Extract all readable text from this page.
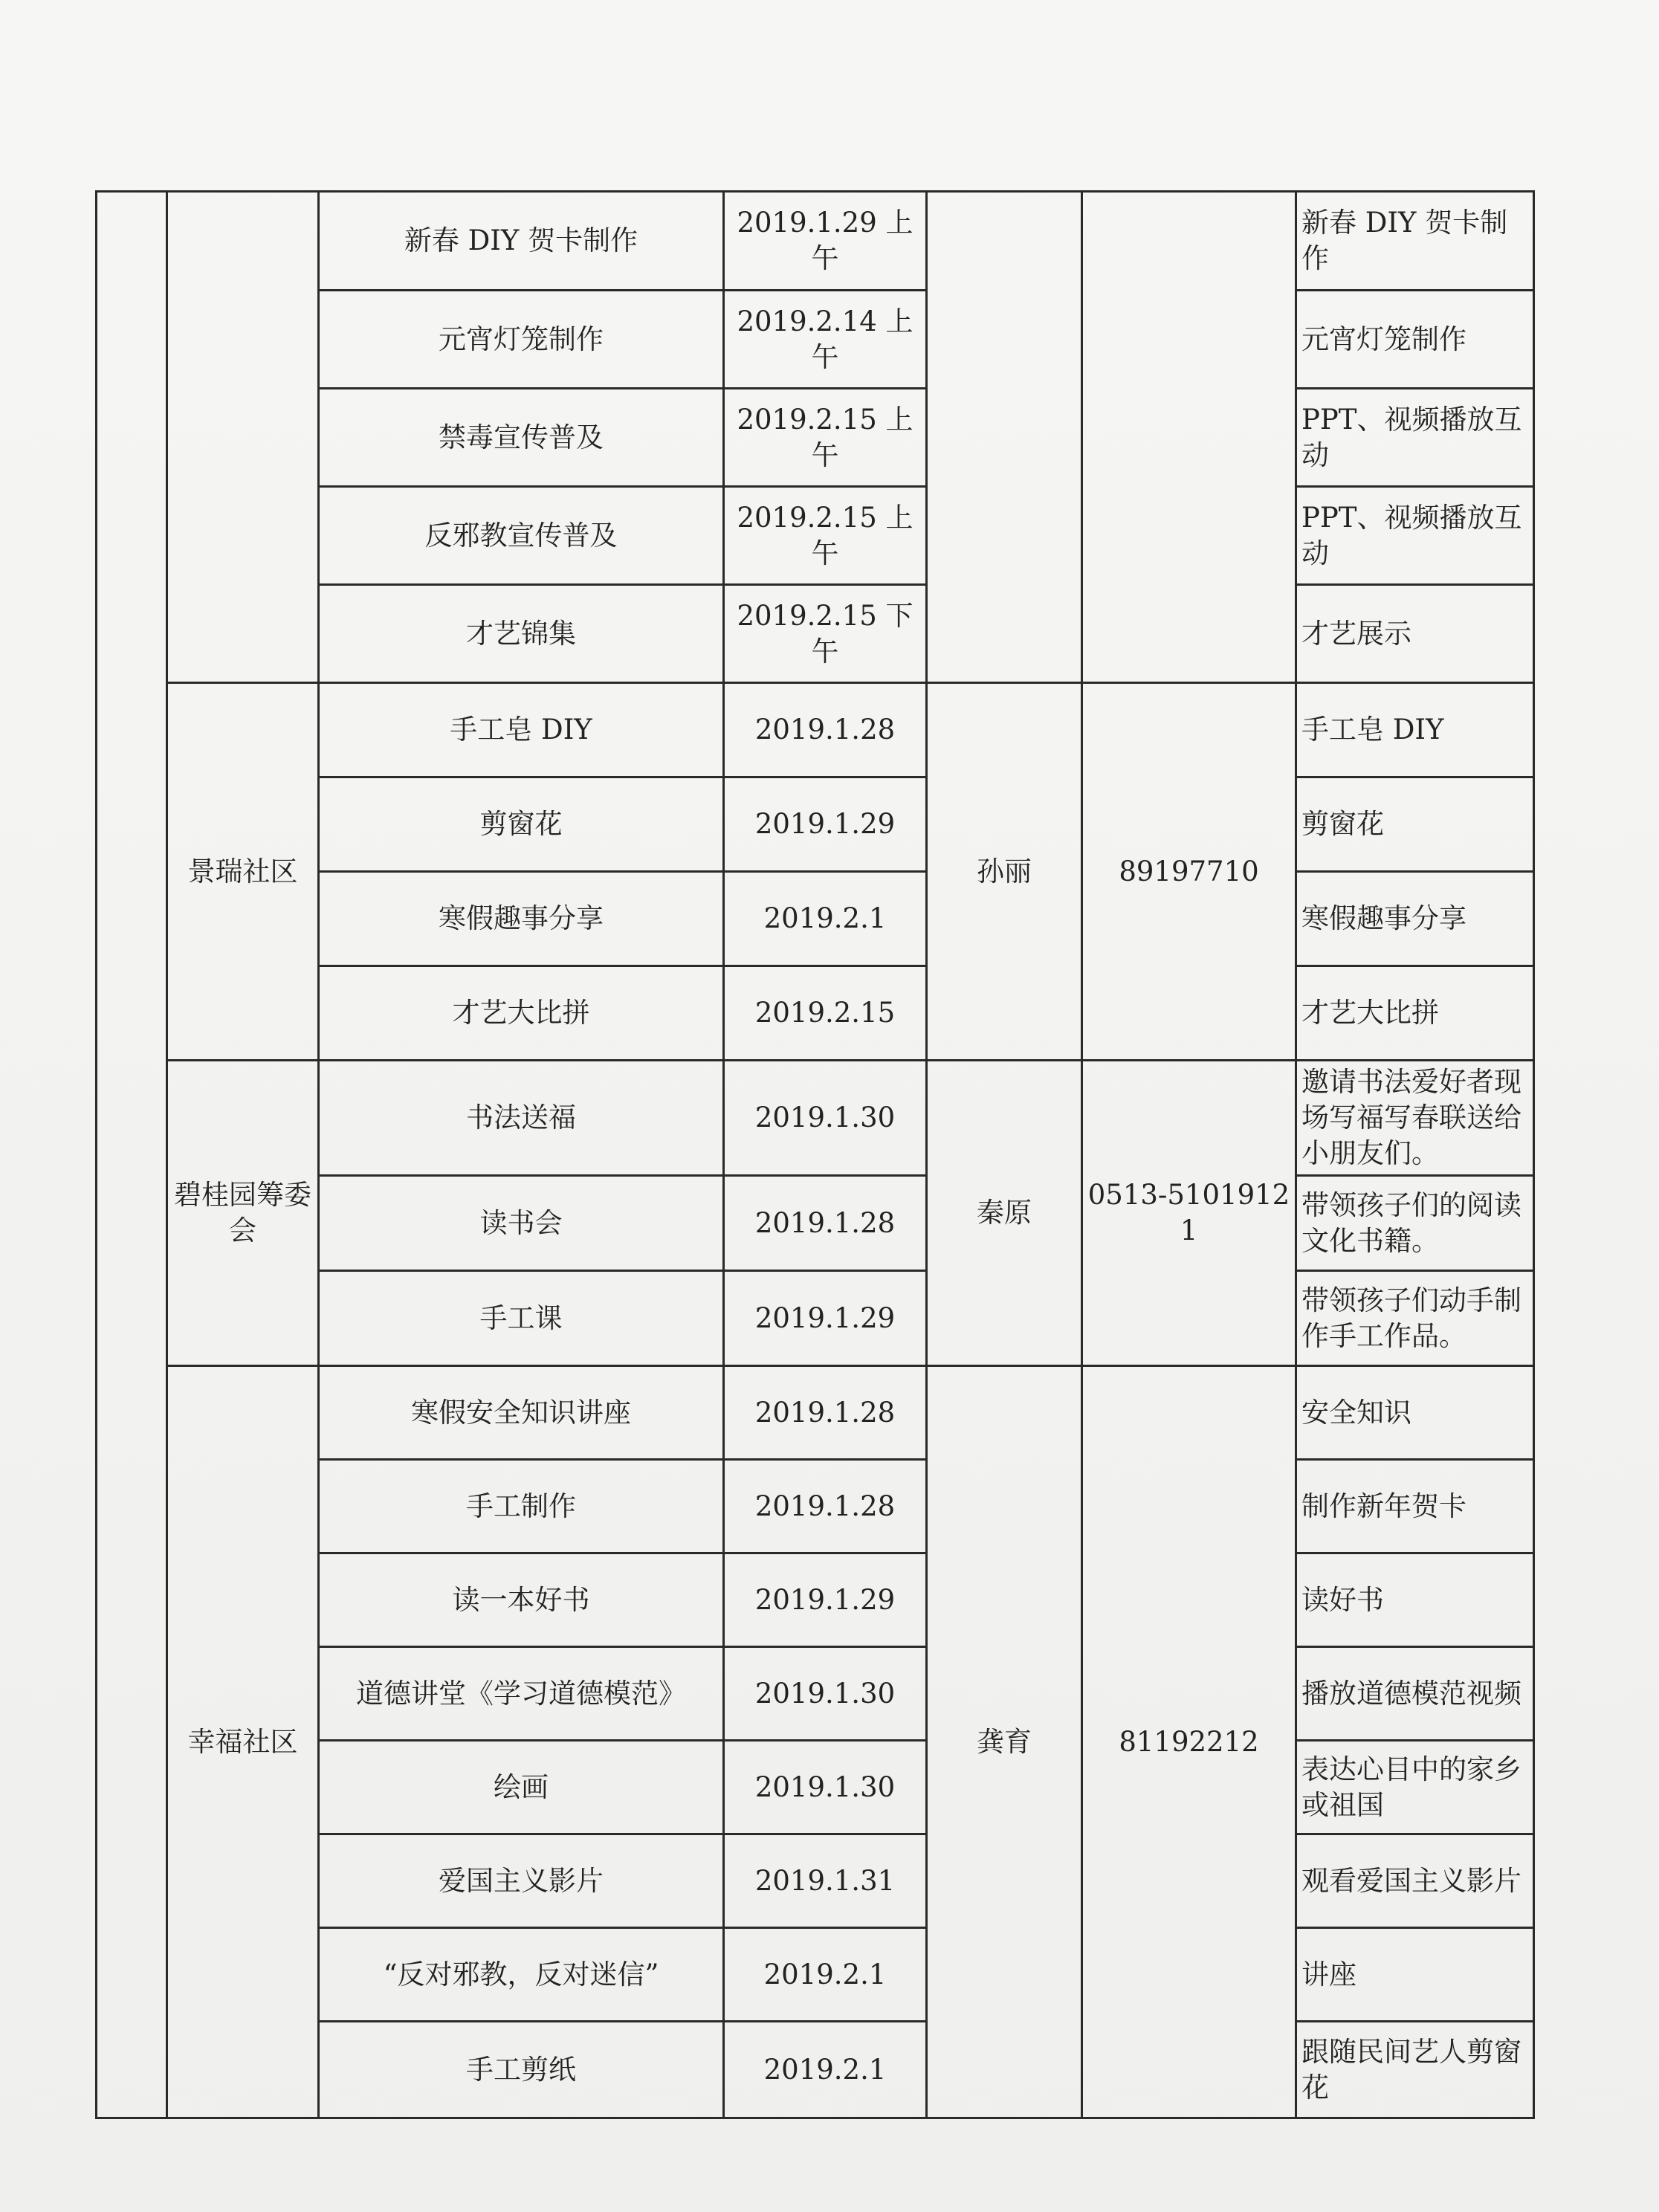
		新春 DIY 贺卡制作	2019.1.29 上午			新春 DIY 贺卡制作
		元宵灯笼制作	2019.2.14 上午			元宵灯笼制作
		禁毒宣传普及	2019.2.15 上午			PPT、视频播放互动
		反邪教宣传普及	2019.2.15 上午			PPT、视频播放互动
		才艺锦集	2019.2.15 下午			才艺展示
	景瑞社区	手工皂 DIY	2019.1.28	孙丽	89197710	手工皂 DIY
		剪窗花	2019.1.29			剪窗花
		寒假趣事分享	2019.2.1			寒假趣事分享
		才艺大比拼	2019.2.15			才艺大比拼
	碧桂园筹委会	书法送福	2019.1.30	秦原	0513-51019121	邀请书法爱好者现场写福写春联送给小朋友们。
		读书会	2019.1.28			带领孩子们的阅读文化书籍。
		手工课	2019.1.29			带领孩子们动手制作手工作品。
	幸福社区	寒假安全知识讲座	2019.1.28	龚育	81192212	安全知识
		手工制作	2019.1.28			制作新年贺卡
		读一本好书	2019.1.29			读好书
		道德讲堂《学习道德模范》	2019.1.30			播放道德模范视频
		绘画	2019.1.30			表达心目中的家乡或祖国
		爱国主义影片	2019.1.31			观看爱国主义影片
		“反对邪教，反对迷信”	2019.2.1			讲座
		手工剪纸	2019.2.1			跟随民间艺人剪窗花
